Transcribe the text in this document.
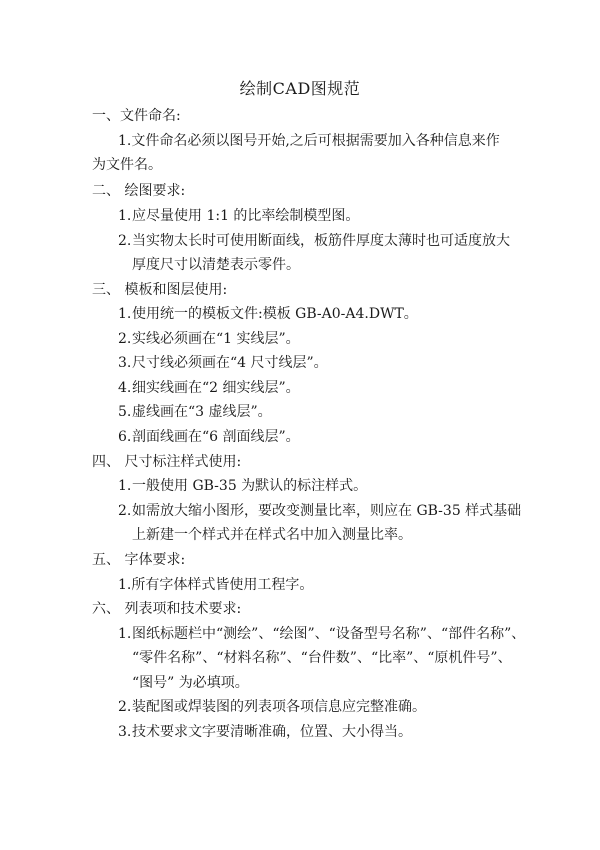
绘制CAD图规范
一、文件命名:
1.文件命名必须以图号开始,之后可根据需要加入各种信息来作
为文件名。
二、 绘图要求:
1. 应尽量使用 1:1 的比率绘制模型图。
2. 当实物太长时可使用断面线，板筋件厚度太薄时也可适度放大
厚度尺寸以清楚表示零件。
三、 模板和图层使用:
1. 使用统一的模板文件:模板 GB-A0-A4.DWT。
2. 实线必须画在“1 实线层”。
3. 尺寸线必须画在“4 尺寸线层”。
4. 细实线画在“2 细实线层”。
5. 虚线画在“3 虚线层”。
6. 剖面线画在“6 剖面线层”。
四、 尺寸标注样式使用:
1. 一般使用 GB-35 为默认的标注样式。
2. 如需放大缩小图形，要改变测量比率，则应在 GB-35 样式基础
上新建一个样式并在样式名中加入测量比率。
五、 字体要求:
1.所有字体样式皆使用工程字。
六、 列表项和技术要求:
1. 图纸标题栏中“测绘”、“绘图”、“设备型号名称”、“部件名称”、
“零件名称”、“材料名称”、“台件数”、“比率”、“原机件号”、
“图号” 为必填项。
2. 装配图或焊装图的列表项各项信息应完整准确。
3. 技术要求文字要清晰准确，位置、大小得当。
